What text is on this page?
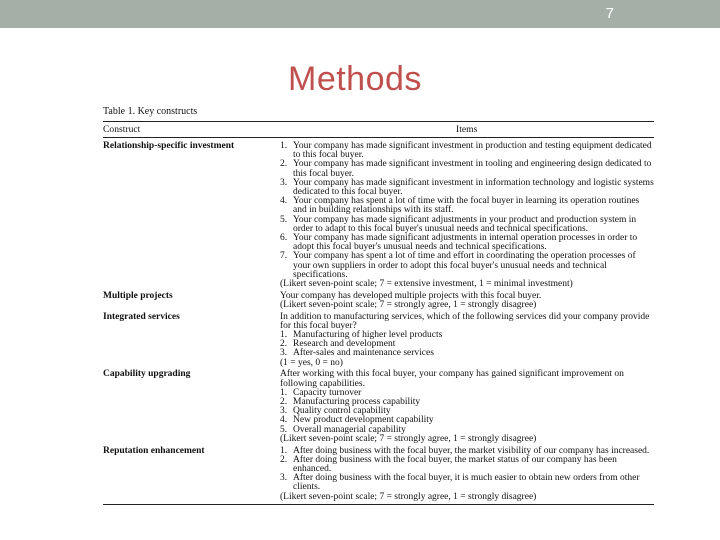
7
Methods
Table 1. Key constructs
Construct	Items
Relationship-specific investment	1. Your company has made significant investment in production and testing equipment dedicated to this focal buyer.
2. Your company has made significant investment in tooling and engineering design dedicated to this focal buyer.
3. Your company has made significant investment in information technology and logistic systems dedicated to this focal buyer.
4. Your company has spent a lot of time with the focal buyer in learning its operation routines and in building relationships with its staff.
5. Your company has made significant adjustments in your product and production system in order to adapt to this focal buyer's unusual needs and technical specifications.
6. Your company has made significant adjustments in internal operation processes in order to adopt this focal buyer's unusual needs and technical specifications.
7. Your company has spent a lot of time and effort in coordinating the operation processes of your own suppliers in order to adopt this focal buyer's unusual needs and technical specifications.
(Likert seven-point scale; 7 = extensive investment, 1 = minimal investment)
Multiple projects	Your company has developed multiple projects with this focal buyer.
(Likert seven-point scale; 7 = strongly agree, 1 = strongly disagree)
Integrated services	In addition to manufacturing services, which of the following services did your company provide for this focal buyer?
1. Manufacturing of higher level products
2. Research and development
3. After-sales and maintenance services
(1 = yes, 0 = no)
Capability upgrading	After working with this focal buyer, your company has gained significant improvement on following capabilities.
1. Capacity turnover
2. Manufacturing process capability
3. Quality control capability
4. New product development capability
5. Overall managerial capability
(Likert seven-point scale; 7 = strongly agree, 1 = strongly disagree)
Reputation enhancement	1. After doing business with the focal buyer, the market visibility of our company has increased.
2. After doing business with the focal buyer, the market status of our company has been enhanced.
3. After doing business with the focal buyer, it is much easier to obtain new orders from other clients.
(Likert seven-point scale; 7 = strongly agree, 1 = strongly disagree)
